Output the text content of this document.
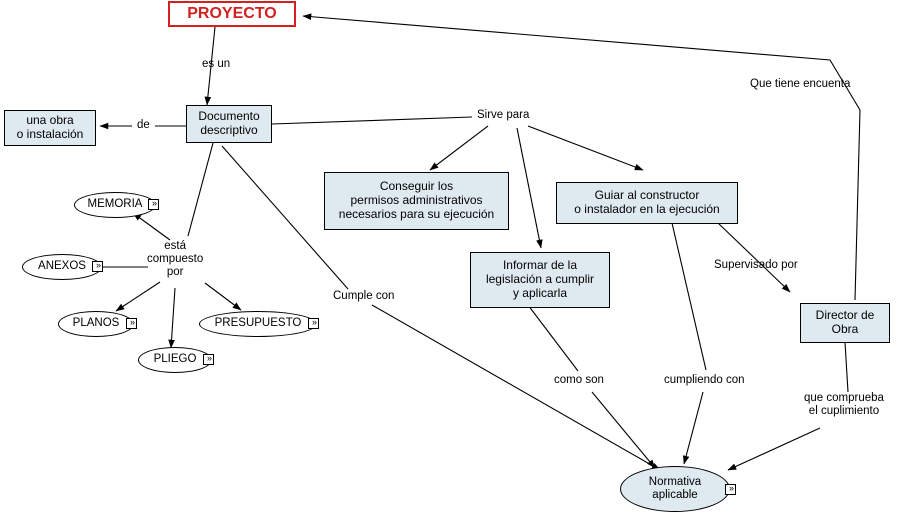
PROYECTO
Documento
descriptivo
una obra
o instalación
Conseguir los
permisos administrativos
necesarios para su ejecución
Guiar al constructor
o instalador en la ejecución
Informar de la
legislación a cumplir
y aplicarla
Director de
Obra
MEMORIA	»
ANEXOS	»
PLANOS	»
PLIEGO	»
PRESUPUESTO	»
Normativa
aplicable
»
es un
de
Sirve para
Que tiene encuenta
está
compuesto
por
Cumple con
Supervisado por
como son	cumpliendo con
que comprueba
el cuplimiento
